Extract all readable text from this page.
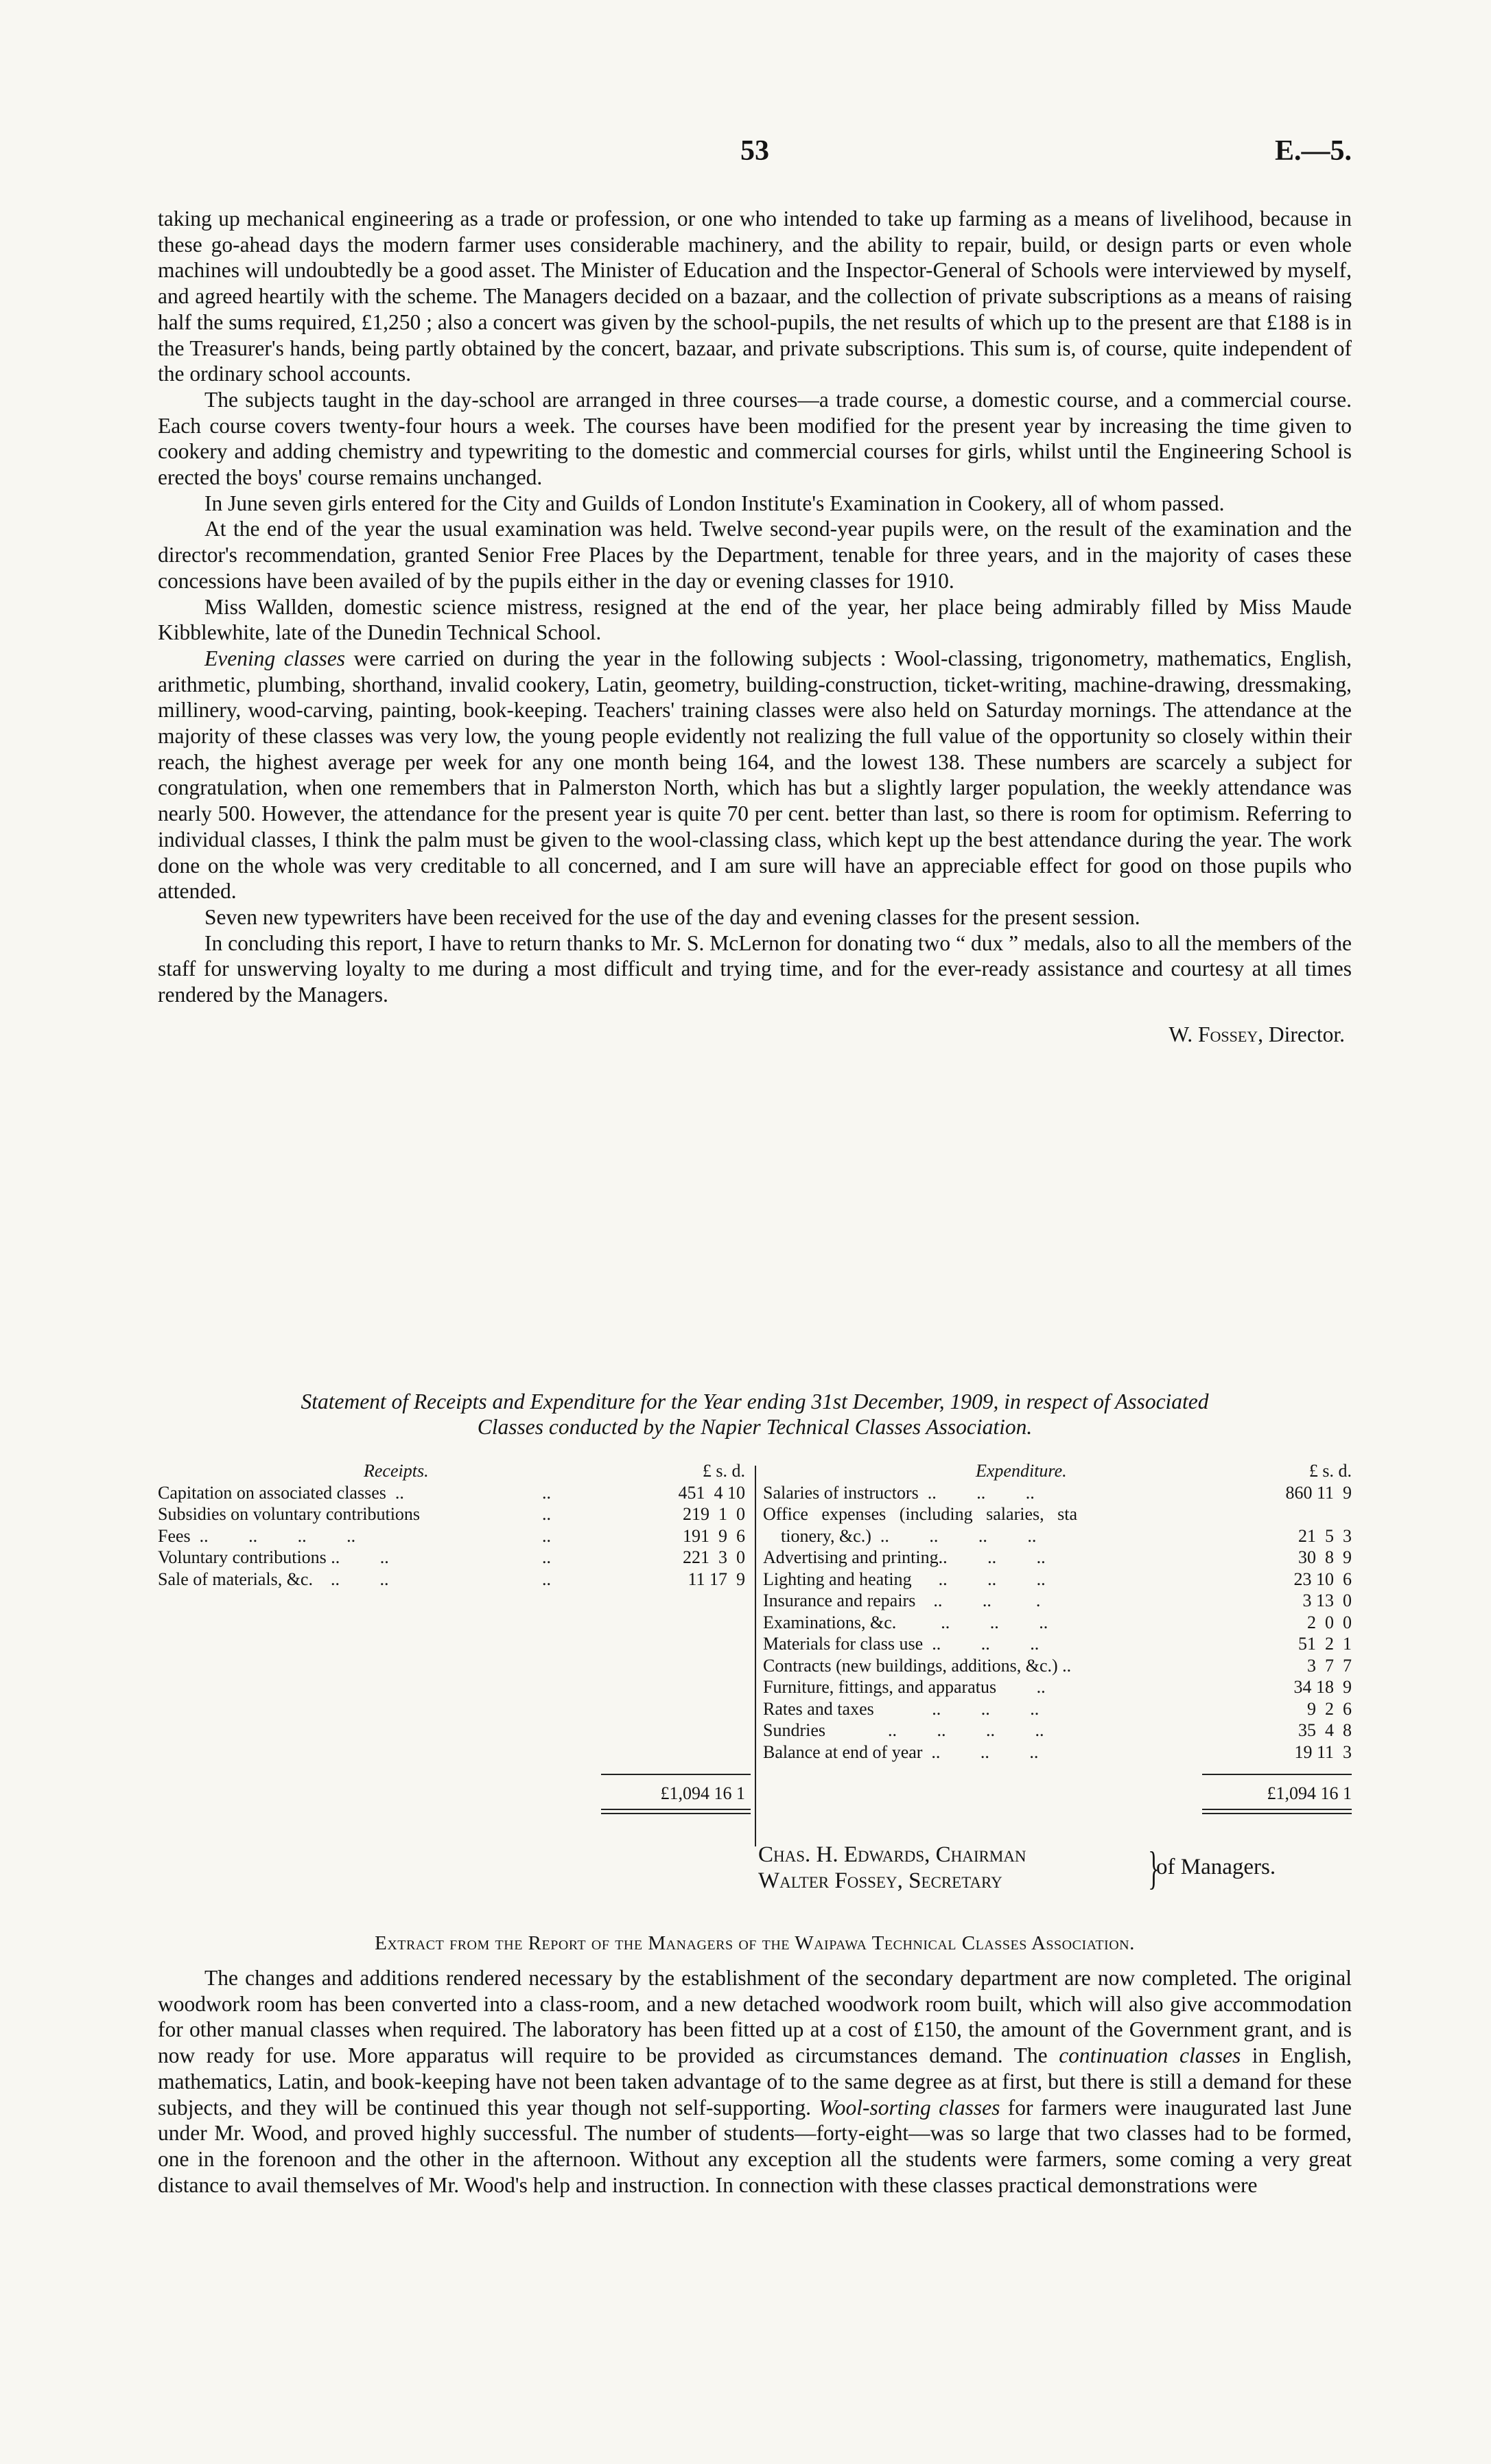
53	E.—5.

taking up mechanical engineering as a trade or profession, or one who intended to take up farming as a means of livelihood, because in these go-ahead days the modern farmer uses considerable machinery, and the ability to repair, build, or design parts or even whole machines will undoubtedly be a good asset. The Minister of Education and the Inspector-General of Schools were interviewed by myself, and agreed heartily with the scheme. The Managers decided on a bazaar, and the collection of private subscriptions as a means of raising half the sums required, £1,250 ; also a concert was given by the school-pupils, the net results of which up to the present are that £188 is in the Treasurer's hands, being partly obtained by the concert, bazaar, and private subscriptions. This sum is, of course, quite independent of the ordinary school accounts.

The subjects taught in the day-school are arranged in three courses—a trade course, a domestic course, and a commercial course. Each course covers twenty-four hours a week. The courses have been modified for the present year by increasing the time given to cookery and adding chemistry and typewriting to the domestic and commercial courses for girls, whilst until the Engineering School is erected the boys' course remains unchanged.

In June seven girls entered for the City and Guilds of London Institute's Examination in Cookery, all of whom passed.

At the end of the year the usual examination was held. Twelve second-year pupils were, on the result of the examination and the director's recommendation, granted Senior Free Places by the Department, tenable for three years, and in the majority of cases these concessions have been availed of by the pupils either in the day or evening classes for 1910.

Miss Wallden, domestic science mistress, resigned at the end of the year, her place being admirably filled by Miss Maude Kibblewhite, late of the Dunedin Technical School.

Evening classes were carried on during the year in the following subjects : Wool-classing, trigonometry, mathematics, English, arithmetic, plumbing, shorthand, invalid cookery, Latin, geometry, building-construction, ticket-writing, machine-drawing, dressmaking, millinery, wood-carving, painting, book-keeping. Teachers' training classes were also held on Saturday mornings. The attendance at the majority of these classes was very low, the young people evidently not realizing the full value of the opportunity so closely within their reach, the highest average per week for any one month being 164, and the lowest 138. These numbers are scarcely a subject for congratulation, when one remembers that in Palmerston North, which has but a slightly larger population, the weekly attendance was nearly 500. However, the attendance for the present year is quite 70 per cent. better than last, so there is room for optimism. Referring to individual classes, I think the palm must be given to the wool-classing class, which kept up the best attendance during the year. The work done on the whole was very creditable to all concerned, and I am sure will have an appreciable effect for good on those pupils who attended.

Seven new typewriters have been received for the use of the day and evening classes for the present session.

In concluding this report, I have to return thanks to Mr. S. McLernon for donating two “ dux ” medals, also to all the members of the staff for unswerving loyalty to me during a most difficult and trying time, and for the ever-ready assistance and courtesy at all times rendered by the Managers.

W. Fossey, Director.

Statement of Receipts and Expenditure for the Year ending 31st December, 1909, in respect of Associated
Classes conducted by the Napier Technical Classes Association.
Receipts.	£ s. d.
Capitation on associated classes  ..	..	451  4 10
Subsidies on voluntary contributions	..	219  1  0
Fees  ..         ..         ..         ..	..	191  9  6
Voluntary contributions ..         ..	..	221  3  0
Sale of materials, &c.    ..         ..	..	11 17  9
£1,094 16 1
Expenditure.	£ s. d.
Salaries of instructors  ..         ..         ..	860 11  9
Office   expenses   (including   salaries,   sta
tionery, &c.)  ..         ..         ..         ..	21  5  3
Advertising and printing..         ..         ..	30  8  9
Lighting and heating      ..         ..         ..	23 10  6
Insurance and repairs    ..         ..          .	3 13  0
Examinations, &c.          ..         ..         ..	2  0  0
Materials for class use  ..         ..         ..	51  2  1
Contracts (new buildings, additions, &c.) ..	3  7  7
Furniture, fittings, and apparatus         ..	34 18  9
Rates and taxes             ..         ..         ..	9  2  6
Sundries              ..         ..         ..         ..	35  4  8
Balance at end of year  ..         ..         ..	19 11  3
£1,094 16 1
Chas. H. Edwards, Chairman
Walter Fossey, Secretary	}
of Managers.
Extract from the Report of the Managers of the Waipawa Technical Classes Association.

The changes and additions rendered necessary by the establishment of the secondary department are now completed. The original woodwork room has been converted into a class-room, and a new detached woodwork room built, which will also give accommodation for other manual classes when required. The laboratory has been fitted up at a cost of £150, the amount of the Government grant, and is now ready for use. More apparatus will require to be provided as circumstances demand. The continuation classes in English, mathematics, Latin, and book-keeping have not been taken advantage of to the same degree as at first, but there is still a demand for these subjects, and they will be continued this year though not self-supporting. Wool-sorting classes for farmers were inaugurated last June under Mr. Wood, and proved highly successful. The number of students—forty-eight—was so large that two classes had to be formed, one in the forenoon and the other in the afternoon. Without any exception all the students were farmers, some coming a very great distance to avail themselves of Mr. Wood's help and instruction. In connection with these classes practical demonstrations were
